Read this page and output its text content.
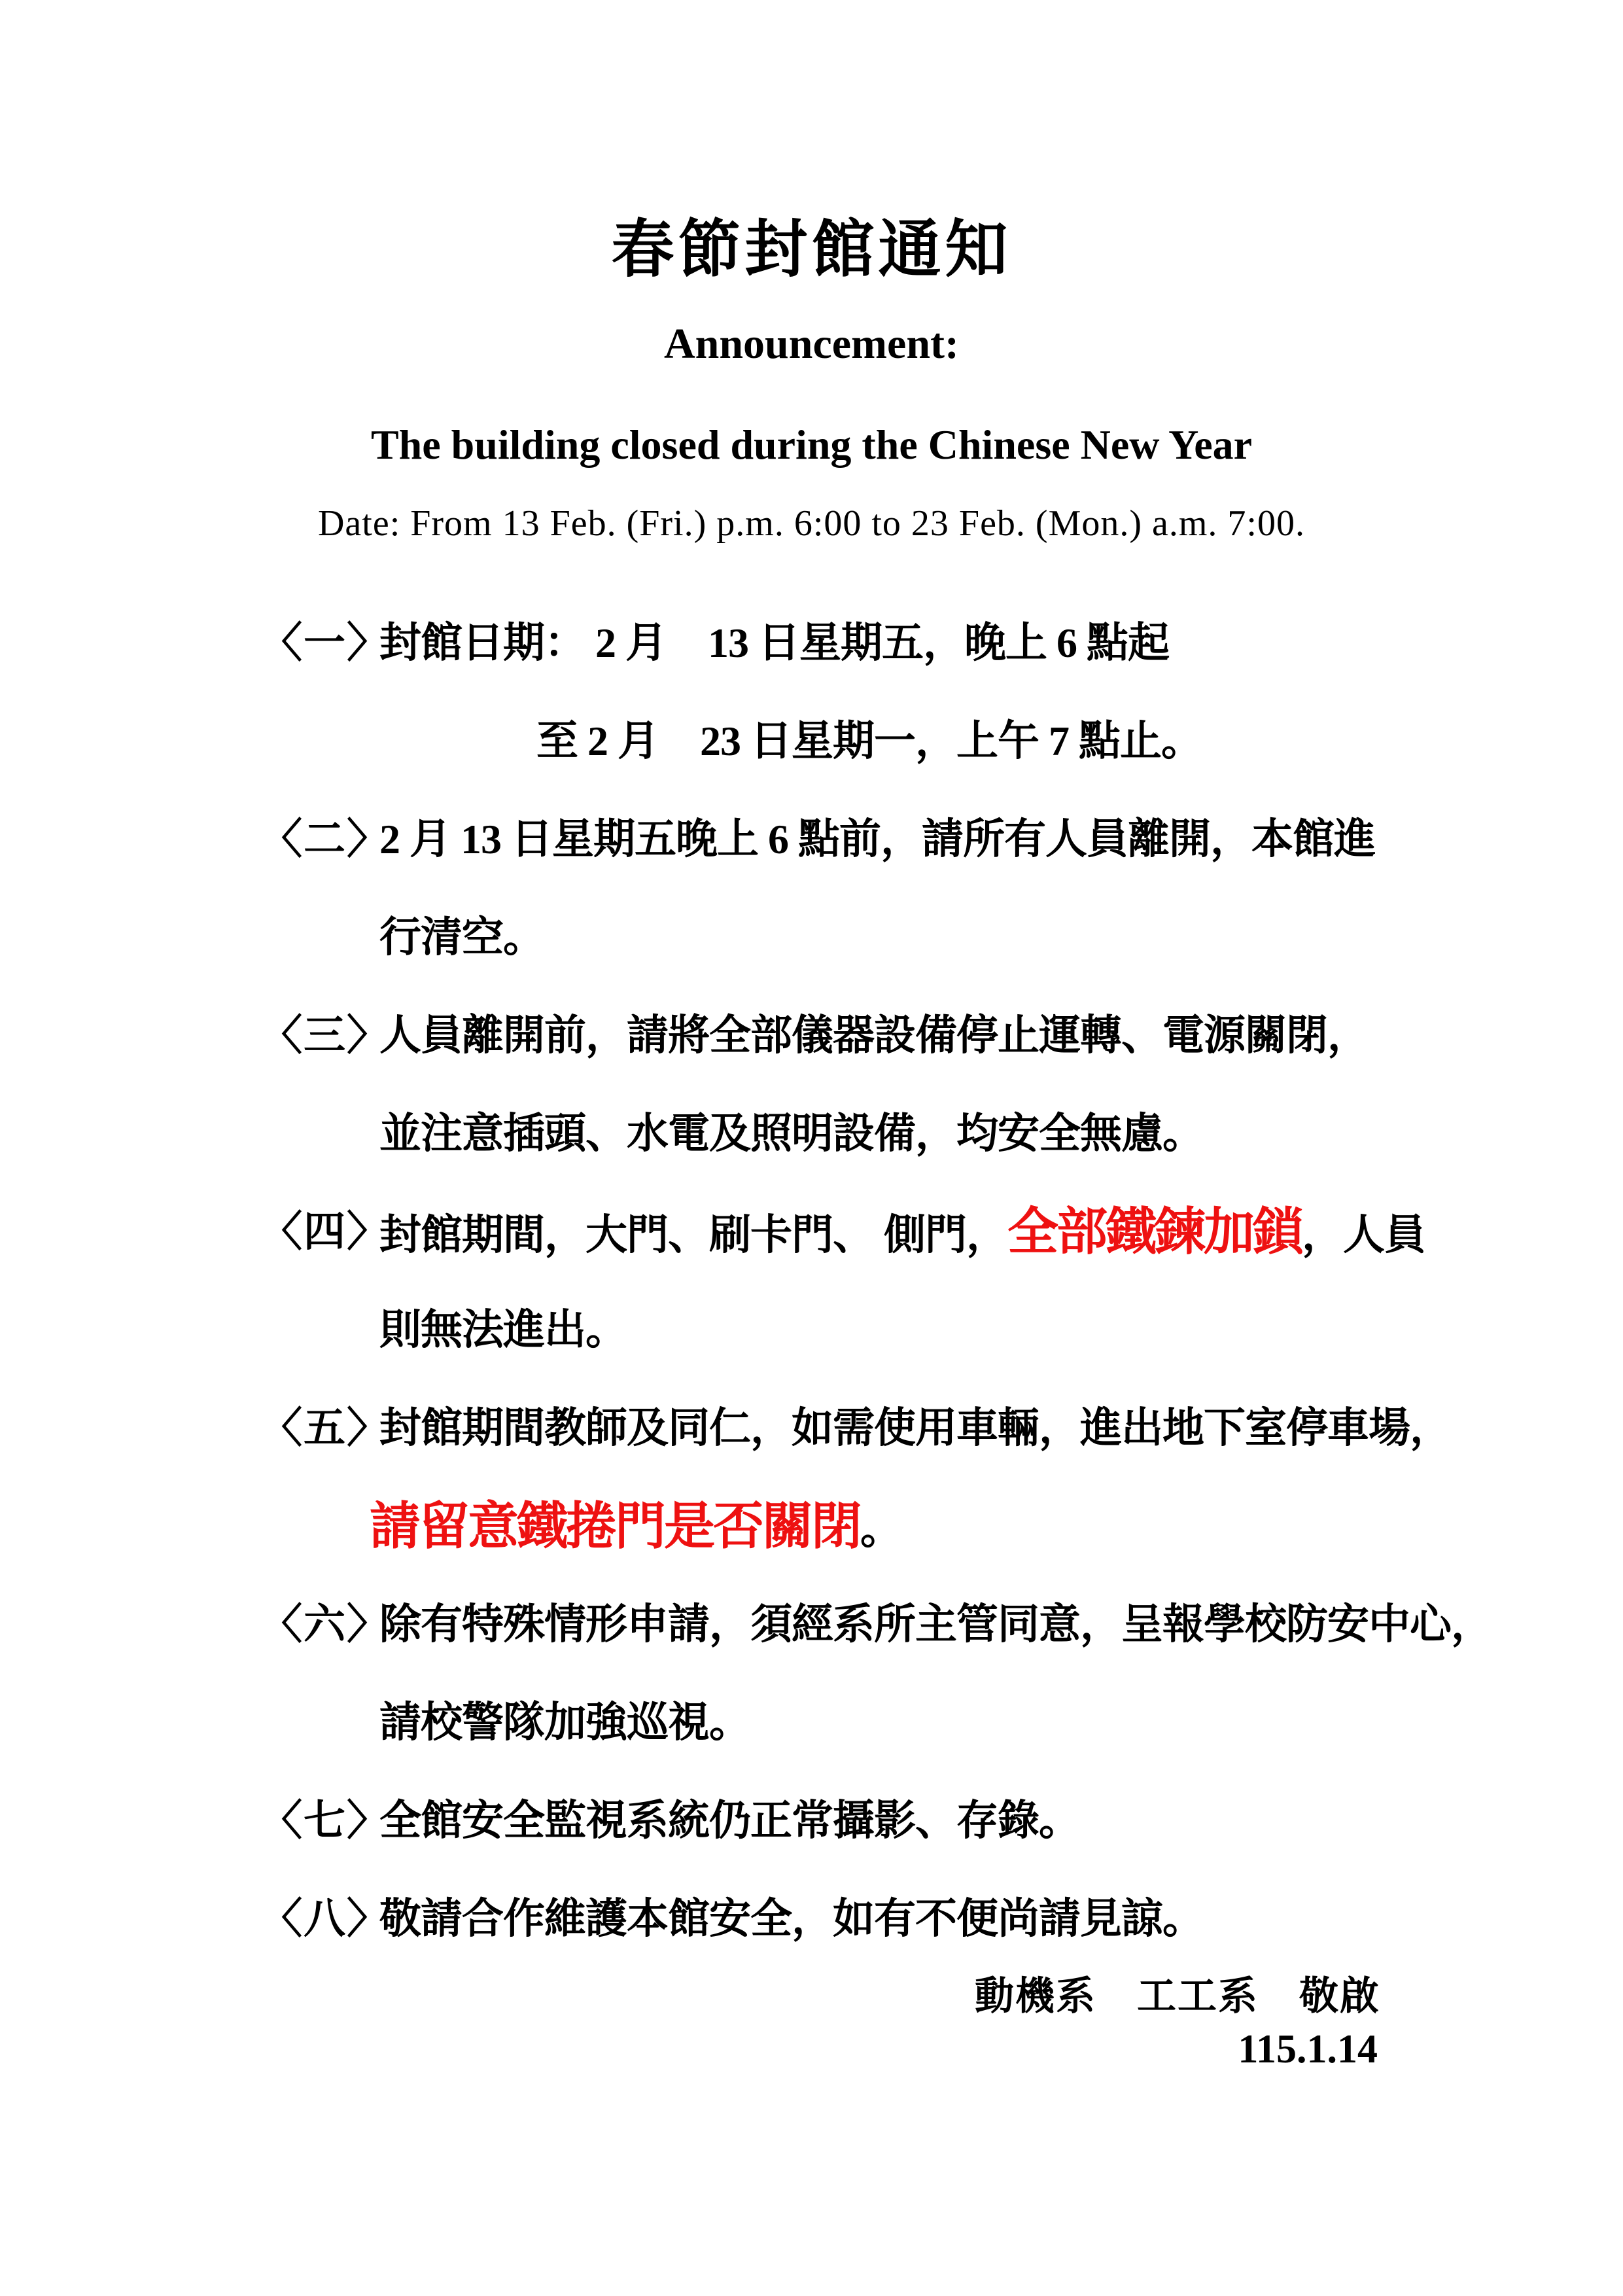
春節封館通知
Announcement:
The building closed during the Chinese New Year
Date: From 13 Feb. (Fri.) p.m. 6:00 to 23 Feb. (Mon.) a.m. 7:00.
〈一〉
封館日期： 2 月　13 日星期五，晚上 6 點起
至 2 月　23 日星期一，上午 7 點止。
〈二〉
2 月 13 日星期五晚上 6 點前，請所有人員離開，本館進
行清空。
〈三〉
人員離開前，請將全部儀器設備停止運轉、電源關閉，
並注意插頭、水電及照明設備，均安全無慮。
〈四〉
封館期間，大門、刷卡門、 側門，全部鐵鍊加鎖，人員
則無法進出。
〈五〉
封館期間教師及同仁，如需使用車輛，進出地下室停車場，
請留意鐵捲門是否關閉。
〈六〉
除有特殊情形申請，須經系所主管同意，呈報學校防安中心，
請校警隊加強巡視。
〈七〉
全館安全監視系統仍正常攝影、存錄。
〈八〉
敬請合作維護本館安全，如有不便尚請見諒。
動機系　工工系　敬啟
115.1.14
